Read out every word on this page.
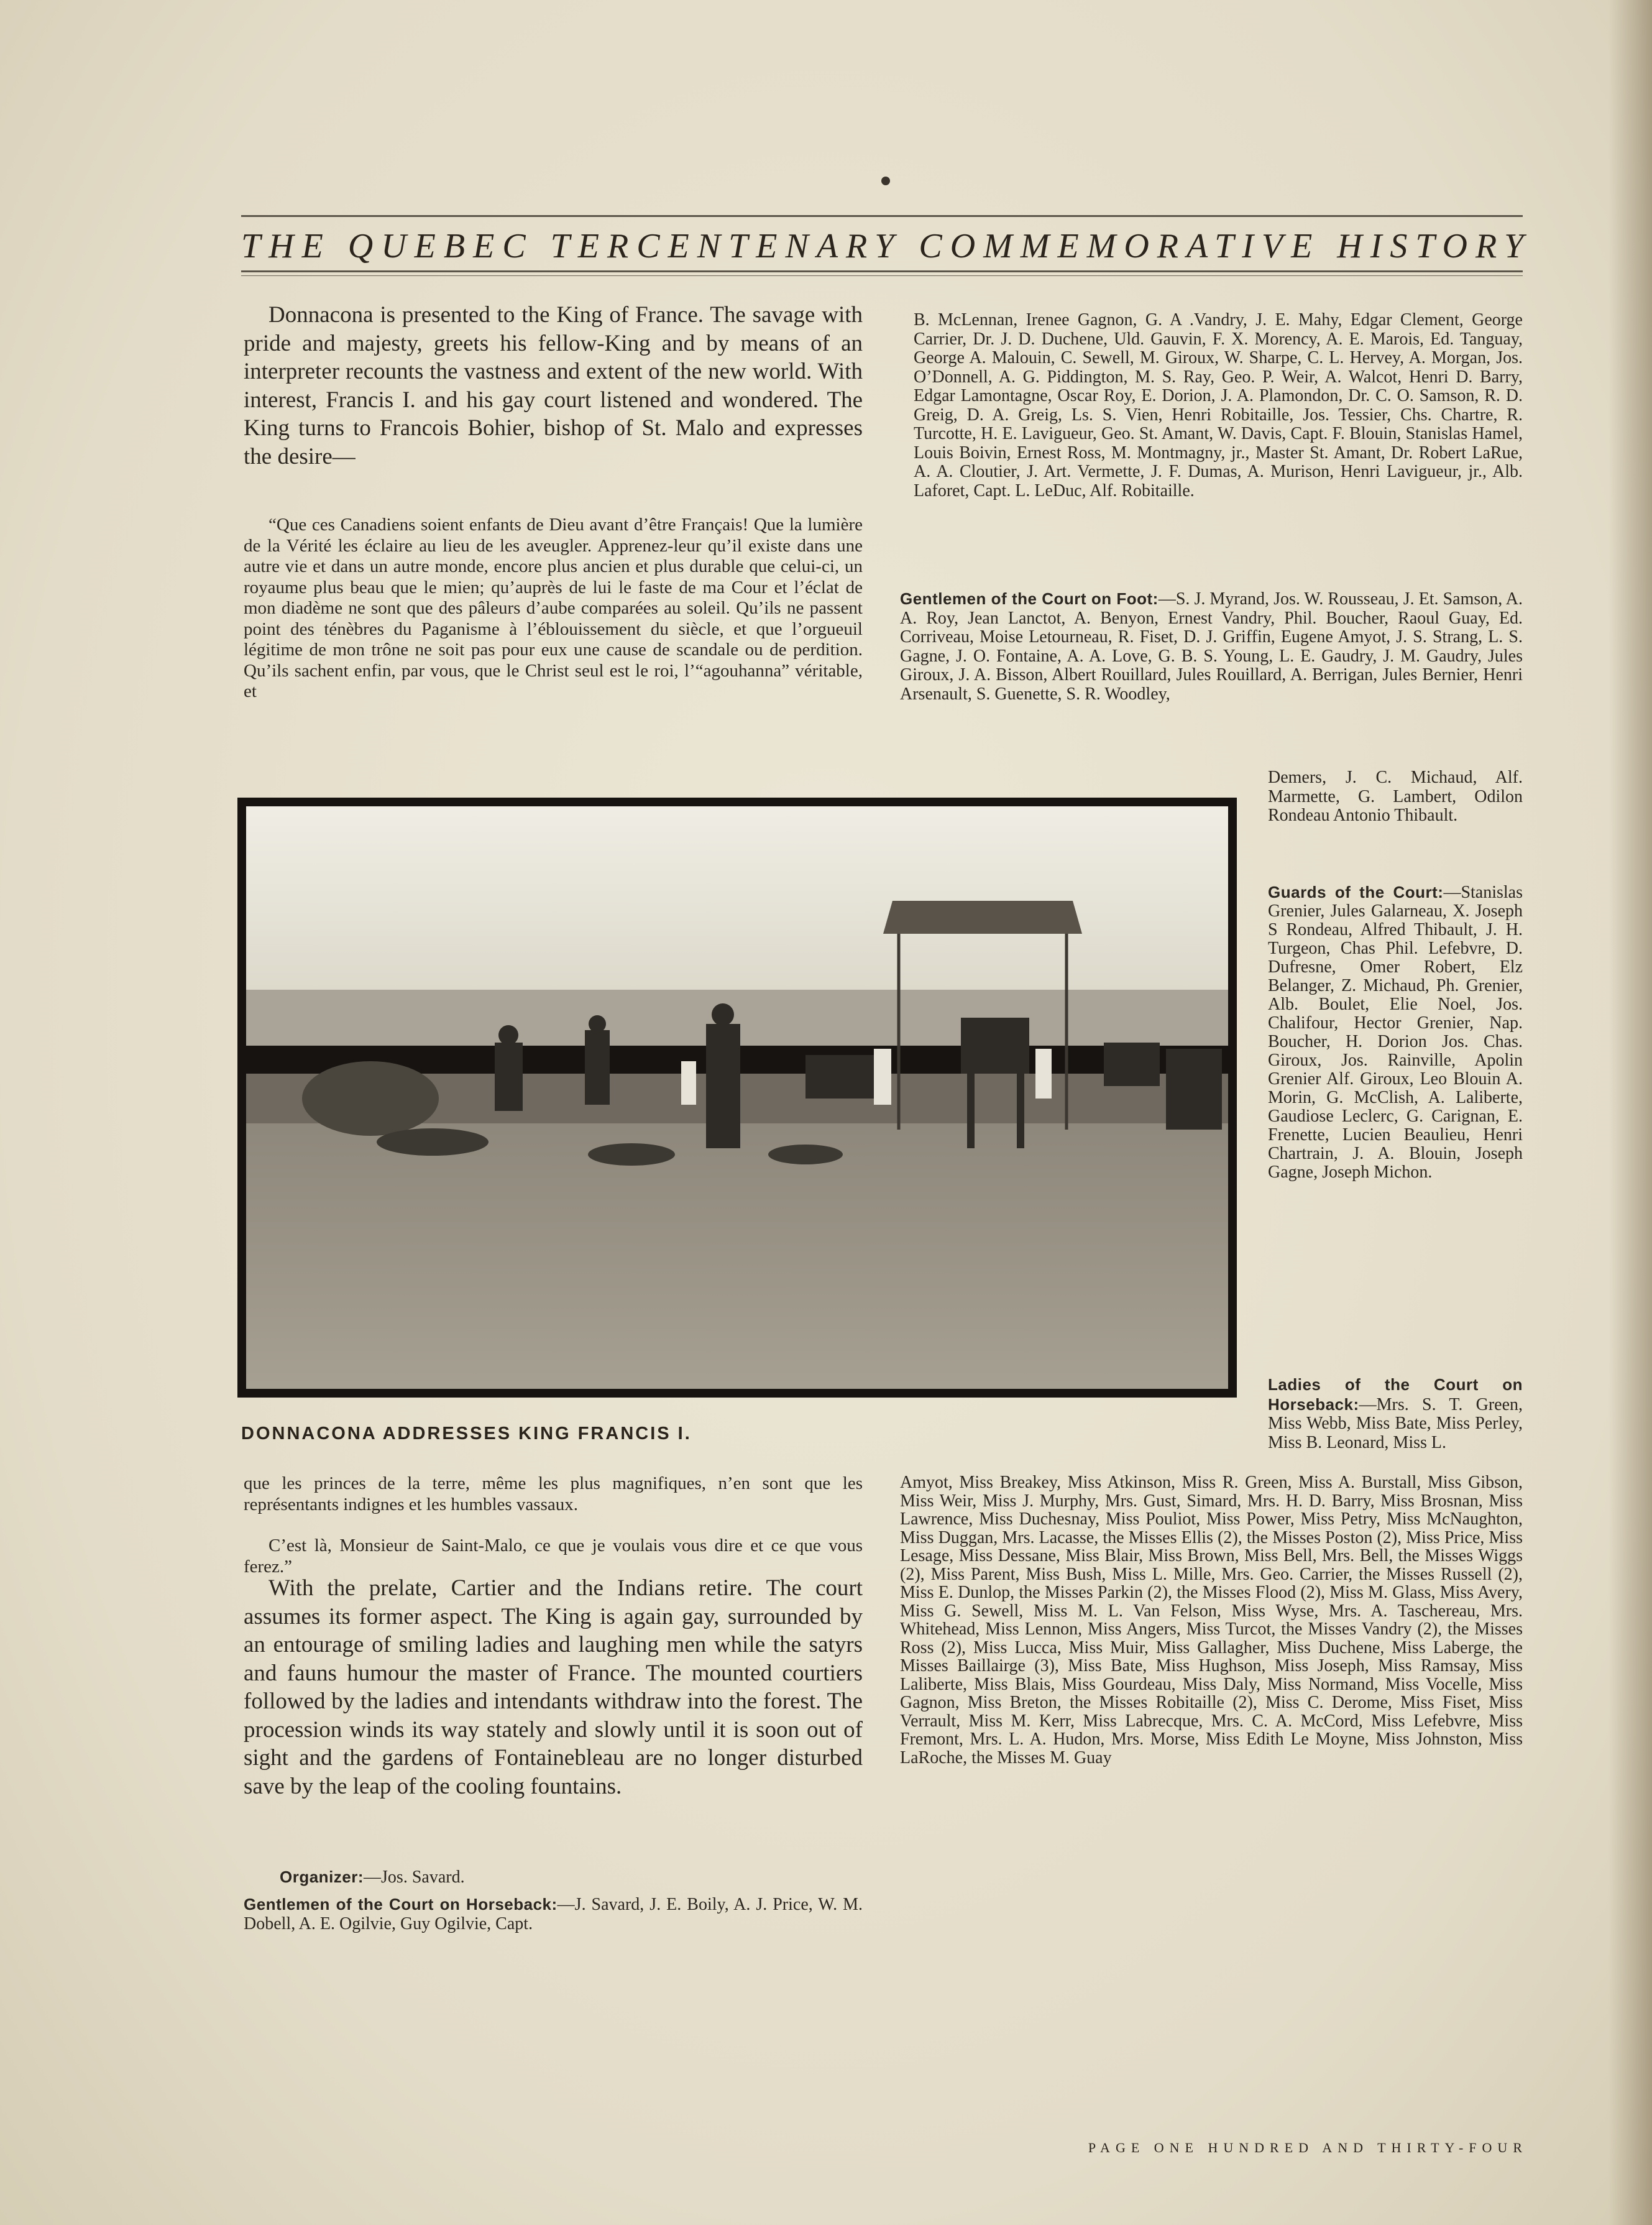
THE QUEBEC TERCENTENARY COMMEMORATIVE HISTORY
Donnacona is presented to the King of France. The savage with pride and majesty, greets his fellow-King and by means of an interpreter recounts the vastness and extent of the new world. With interest, Francis I. and his gay court listened and wondered. The King turns to Francois Bohier, bishop of St. Malo and expresses the desire—
“Que ces Canadiens soient enfants de Dieu avant d’être Français! Que la lumière de la Vérité les éclaire au lieu de les aveugler. Apprenez-leur qu’il existe dans une autre vie et dans un autre monde, encore plus ancien et plus durable que celui-ci, un royaume plus beau que le mien; qu’auprès de lui le faste de ma Cour et l’éclat de mon diadème ne sont que des pâleurs d’aube comparées au soleil. Qu’ils ne passent point des ténèbres du Paganisme à l’éblouissement du siècle, et que l’orgueuil légitime de mon trône ne soit pas pour eux une cause de scandale ou de perdition. Qu’ils sachent enfin, par vous, que le Christ seul est le roi, l’“agouhanna” véritable, et
DONNACONA ADDRESSES KING FRANCIS I.
que les princes de la terre, même les plus magnifiques, n’en sont que les représentants indignes et les humbles vassaux.
C’est là, Monsieur de Saint-Malo, ce que je voulais vous dire et ce que vous ferez.”
With the prelate, Cartier and the Indians retire. The court assumes its former aspect. The King is again gay, surrounded by an entourage of smiling ladies and laughing men while the satyrs and fauns humour the master of France. The mounted courtiers followed by the ladies and intendants withdraw into the forest. The procession winds its way stately and slowly until it is soon out of sight and the gardens of Fontainebleau are no longer disturbed save by the leap of the cooling fountains.
Organizer:—Jos. Savard.
Gentlemen of the Court on Horseback:—J. Savard, J. E. Boily, A. J. Price, W. M. Dobell, A. E. Ogilvie, Guy Ogilvie, Capt.
B. McLennan, Irenee Gagnon, G. A .Vandry, J. E. Mahy, Edgar Clement, George Carrier, Dr. J. D. Duchene, Uld. Gauvin, F. X. Morency, A. E. Marois, Ed. Tanguay, George A. Malouin, C. Sewell, M. Giroux, W. Sharpe, C. L. Hervey, A. Morgan, Jos. O’Donnell, A. G. Piddington, M. S. Ray, Geo. P. Weir, A. Walcot, Henri D. Barry, Edgar Lamontagne, Oscar Roy, E. Dorion, J. A. Plamondon, Dr. C. O. Samson, R. D. Greig, D. A. Greig, Ls. S. Vien, Henri Robitaille, Jos. Tessier, Chs. Chartre, R. Turcotte, H. E. Lavigueur, Geo. St. Amant, W. Davis, Capt. F. Blouin, Stanislas Hamel, Louis Boivin, Ernest Ross, M. Montmagny, jr., Master St. Amant, Dr. Robert LaRue, A. A. Cloutier, J. Art. Vermette, J. F. Dumas, A. Murison, Henri Lavigueur, jr., Alb. Laforet, Capt. L. LeDuc, Alf. Robitaille.
Gentlemen of the Court on Foot:—S. J. Myrand, Jos. W. Rousseau, J. Et. Samson, A. A. Roy, Jean Lanctot, A. Benyon, Ernest Vandry, Phil. Boucher, Raoul Guay, Ed. Corriveau, Moise Letourneau, R. Fiset, D. J. Griffin, Eugene Amyot, J. S. Strang, L. S. Gagne, J. O. Fontaine, A. A. Love, G. B. S. Young, L. E. Gaudry, J. M. Gaudry, Jules Giroux, J. A. Bisson, Albert Rouillard, Jules Rouillard, A. Berrigan, Jules Bernier, Henri Arsenault, S. Guenette, S. R. Woodley,
Demers, J. C. Michaud, Alf. Marmette, G. Lambert, Odilon Rondeau Antonio Thibault.
Guards of the Court:—Stanislas Grenier, Jules Galarneau, X. Joseph S Rondeau, Alfred Thibault, J. H. Turgeon, Chas Phil. Lefebvre, D. Dufresne, Omer Robert, Elz Belanger, Z. Michaud, Ph. Grenier, Alb. Boulet, Elie Noel, Jos. Chalifour, Hector Grenier, Nap. Boucher, H. Dorion Jos. Chas. Giroux, Jos. Rainville, Apolin Grenier Alf. Giroux, Leo Blouin A. Morin, G. McClish, A. Laliberte, Gaudiose Leclerc, G. Carignan, E. Frenette, Lucien Beaulieu, Henri Chartrain, J. A. Blouin, Joseph Gagne, Joseph Michon.
Ladies of the Court on Horseback:—Mrs. S. T. Green, Miss Webb, Miss Bate, Miss Perley, Miss B. Leonard, Miss L.
Amyot, Miss Breakey, Miss Atkinson, Miss R. Green, Miss A. Burstall, Miss Gibson, Miss Weir, Miss J. Murphy, Mrs. Gust, Simard, Mrs. H. D. Barry, Miss Brosnan, Miss Lawrence, Miss Duchesnay, Miss Pouliot, Miss Power, Miss Petry, Miss McNaughton, Miss Duggan, Mrs. Lacasse, the Misses Ellis (2), the Misses Poston (2), Miss Price, Miss Lesage, Miss Dessane, Miss Blair, Miss Brown, Miss Bell, Mrs. Bell, the Misses Wiggs (2), Miss Parent, Miss Bush, Miss L. Mille, Mrs. Geo. Carrier, the Misses Russell (2), Miss E. Dunlop, the Misses Parkin (2), the Misses Flood (2), Miss M. Glass, Miss Avery, Miss G. Sewell, Miss M. L. Van Felson, Miss Wyse, Mrs. A. Taschereau, Mrs. Whitehead, Miss Lennon, Miss Angers, Miss Turcot, the Misses Vandry (2), the Misses Ross (2), Miss Lucca, Miss Muir, Miss Gallagher, Miss Duchene, Miss Laberge, the Misses Baillairge (3), Miss Bate, Miss Hughson, Miss Joseph, Miss Ramsay, Miss Laliberte, Miss Blais, Miss Gourdeau, Miss Daly, Miss Normand, Miss Vocelle, Miss Gagnon, Miss Breton, the Misses Robitaille (2), Miss C. Derome, Miss Fiset, Miss Verrault, Miss M. Kerr, Miss Labrecque, Mrs. C. A. McCord, Miss Lefebvre, Miss Fremont, Mrs. L. A. Hudon, Mrs. Morse, Miss Edith Le Moyne, Miss Johnston, Miss LaRoche, the Misses M. Guay
PAGE ONE HUNDRED AND THIRTY-FOUR
